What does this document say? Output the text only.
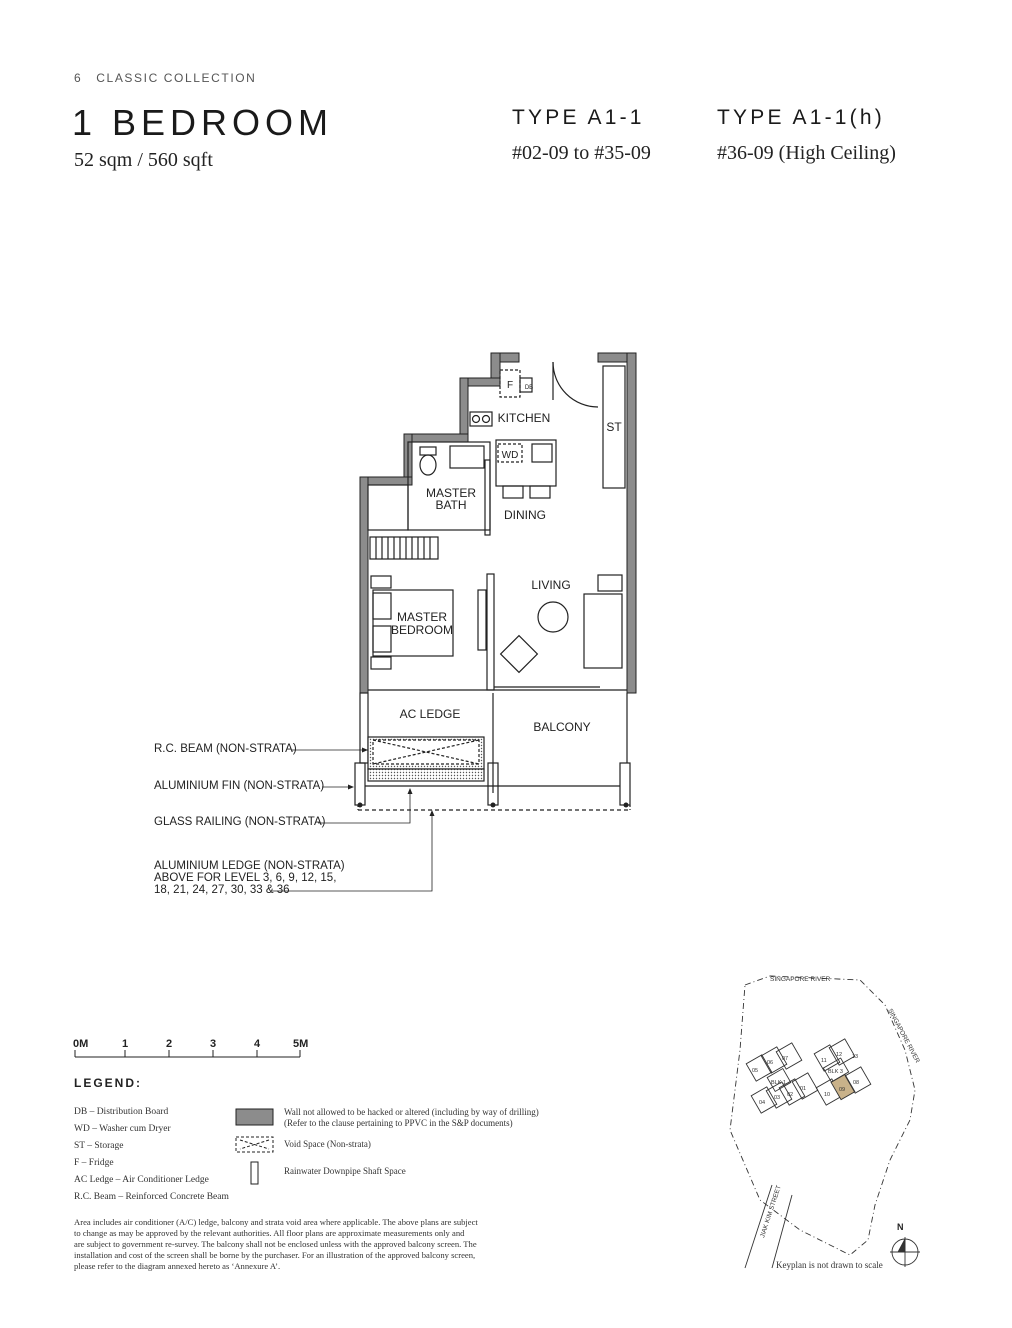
6 CLASSIC COLLECTION
1 BEDROOM
52 sqm / 560 sqft
TYPE A1-1
#02-09 to #35-09
TYPE A1-1(h)
#36-09 (High Ceiling)
KITCHEN
ST
MASTER
BATH
DINING
LIVING
MASTER
BEDROOM
AC LEDGE
BALCONY
F DB
WD
SINGAPORE RIVER
SINGAPORE RIVER
JIAK KIM STREET
BLK 1
BLK 3
05
06
07
04
03 02
01
11
12 13
10
09
08
0M	1	2	3	4	5M
R.C. BEAM (NON-STRATA)
ALUMINIUM FIN (NON-STRATA)
GLASS RAILING (NON-STRATA)
ALUMINIUM LEDGE (NON-STRATA)
ABOVE FOR LEVEL 3, 6, 9, 12, 15,
18, 21, 24, 27, 30, 33 & 36
LEGEND:
DB – Distribution Board
WD – Washer cum Dryer
ST – Storage
F – Fridge
AC Ledge – Air Conditioner Ledge
R.C. Beam – Reinforced Concrete Beam
Wall not allowed to be hacked or altered (including by way of drilling)
(Refer to the clause pertaining to PPVC in the S&P documents)
Void Space (Non-strata)
Rainwater Downpipe Shaft Space
Area includes air conditioner (A/C) ledge, balcony and strata void area where applicable. The above plans are subject
to change as may be approved by the relevant authorities. All floor plans are approximate measurements only and
are subject to government re-survey. The balcony shall not be enclosed unless with the approved balcony screen. The
installation and cost of the screen shall be borne by the purchaser. For an illustration of the approved balcony screen,
please refer to the diagram annexed hereto as ‘Annexure A’.
N
Keyplan is not drawn to scale
